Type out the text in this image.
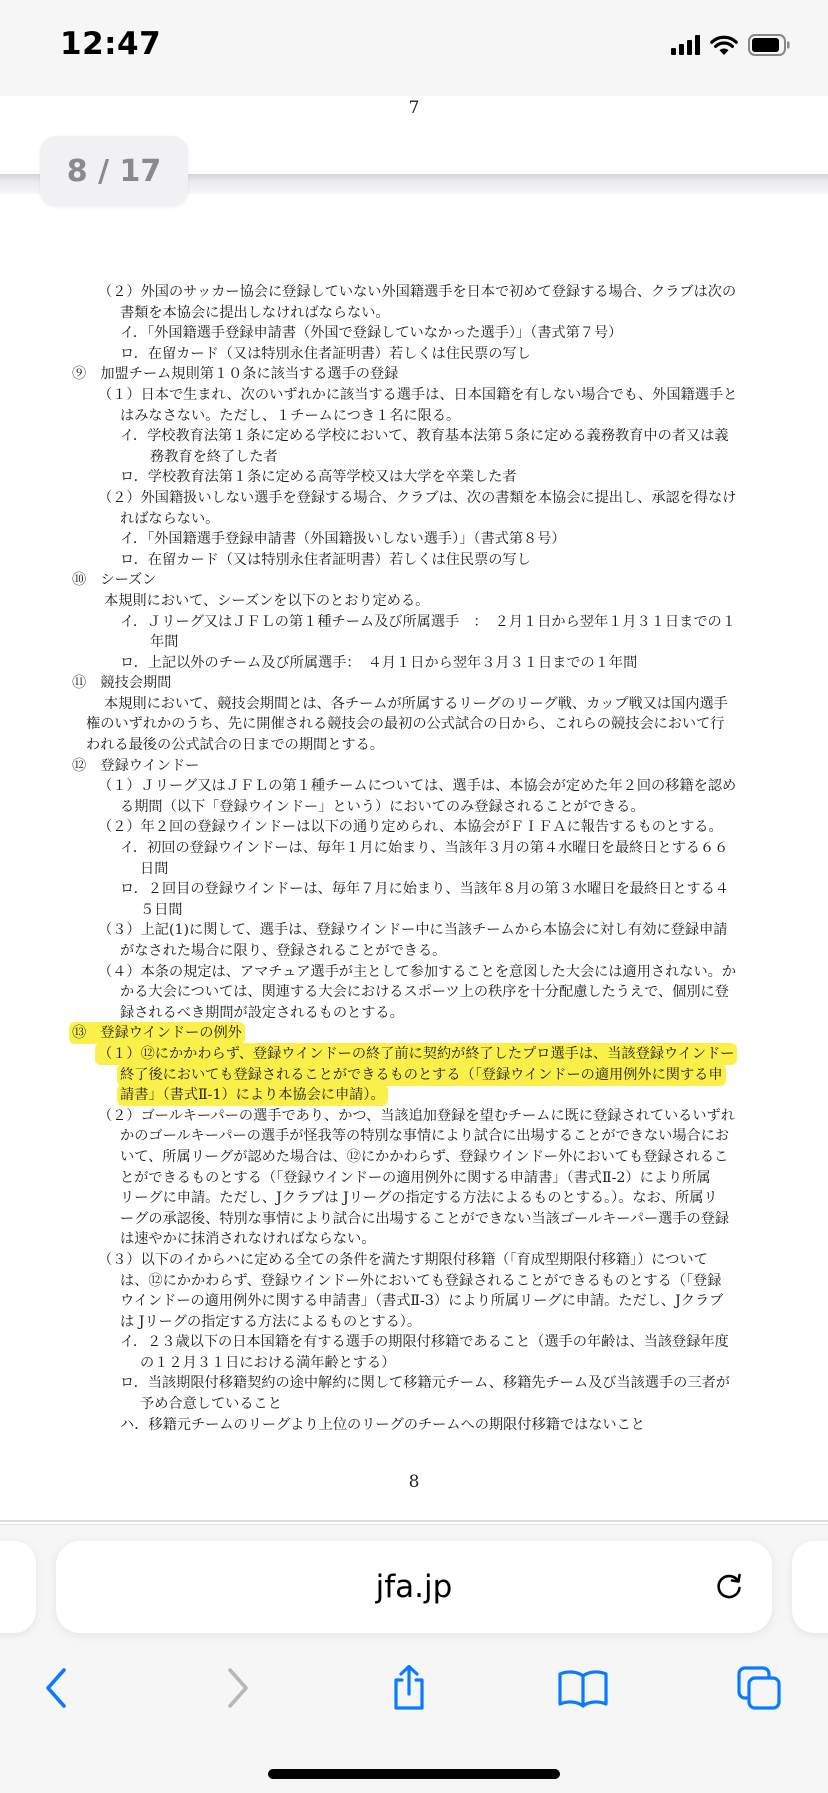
12:47
7
8 / 17
（２）外国のサッカー協会に登録していない外国籍選手を日本で初めて登録する場合、クラブは次の
書類を本協会に提出しなければならない。
イ．「外国籍選手登録申請書（外国で登録していなかった選手）」（書式第７号）
ロ．在留カード（又は特別永住者証明書）若しくは住民票の写し
⑨　加盟チーム規則第１０条に該当する選手の登録
（１）日本で生まれ、次のいずれかに該当する選手は、日本国籍を有しない場合でも、外国籍選手と
はみなさない。ただし、１チームにつき１名に限る。
イ．学校教育法第１条に定める学校において、教育基本法第５条に定める義務教育中の者又は義
務教育を終了した者
ロ．学校教育法第１条に定める高等学校又は大学を卒業した者
（２）外国籍扱いしない選手を登録する場合、クラブは、次の書類を本協会に提出し、承認を得なけ
ればならない。
イ．「外国籍選手登録申請書（外国籍扱いしない選手）」（書式第８号）
ロ．在留カード（又は特別永住者証明書）若しくは住民票の写し
⑩　シーズン
本規則において、シーズンを以下のとおり定める。
イ．Ｊリーグ又はＪＦＬの第１種チーム及び所属選手　：　２月１日から翌年１月３１日までの１
年間
ロ．上記以外のチーム及び所属選手：　４月１日から翌年３月３１日までの１年間
⑪　競技会期間
本規則において、競技会期間とは、各チームが所属するリーグのリーグ戦、カップ戦又は国内選手
権のいずれかのうち、先に開催される競技会の最初の公式試合の日から、これらの競技会において行
われる最後の公式試合の日までの期間とする。
⑫　登録ウインドー
（１）Ｊリーグ又はＪＦＬの第１種チームについては、選手は、本協会が定めた年２回の移籍を認め
る期間（以下「登録ウインドー」という）においてのみ登録されることができる。
（２）年２回の登録ウインドーは以下の通り定められ、本協会がＦＩＦＡに報告するものとする。
イ．初回の登録ウインドーは、毎年１月に始まり、当該年３月の第４水曜日を最終日とする６６
日間
ロ．２回目の登録ウインドーは、毎年７月に始まり、当該年８月の第３水曜日を最終日とする４
５日間
（３）上記(1)に関して、選手は、登録ウインドー中に当該チームから本協会に対し有効に登録申請
がなされた場合に限り、登録されることができる。
（４）本条の規定は、アマチュア選手が主として参加することを意図した大会には適用されない。か
かる大会については、関連する大会におけるスポーツ上の秩序を十分配慮したうえで、個別に登
録されるべき期間が設定されるものとする。
⑬　登録ウインドーの例外
（１）⑫にかかわらず、登録ウインドーの終了前に契約が終了したプロ選手は、当該登録ウインドー
終了後においても登録されることができるものとする（「登録ウインドーの適用例外に関する申
請書」（書式Ⅱ-1）により本協会に申請）。
（２）ゴールキーパーの選手であり、かつ、当該追加登録を望むチームに既に登録されているいずれ
かのゴールキーパーの選手が怪我等の特別な事情により試合に出場することができない場合にお
いて、所属リーグが認めた場合は、⑫にかかわらず、登録ウインドー外においても登録されるこ
とができるものとする（「登録ウインドーの適用例外に関する申請書」（書式Ⅱ-2）により所属
リーグに申請。ただし、Jクラブは Jリーグの指定する方法によるものとする。）。なお、所属リ
ーグの承認後、特別な事情により試合に出場することができない当該ゴールキーパー選手の登録
は速やかに抹消されなければならない。
（３）以下のイからハに定める全ての条件を満たす期限付移籍（「育成型期限付移籍」）について
は、⑫にかかわらず、登録ウインドー外においても登録されることができるものとする（「登録
ウインドーの適用例外に関する申請書」（書式Ⅱ-3）により所属リーグに申請。ただし、Jクラブ
は Jリーグの指定する方法によるものとする）。
イ．２３歳以下の日本国籍を有する選手の期限付移籍であること（選手の年齢は、当該登録年度
の１２月３１日における満年齢とする）
ロ．当該期限付移籍契約の途中解約に関して移籍元チーム、移籍先チーム及び当該選手の三者が
予め合意していること
ハ．移籍元チームのリーグより上位のリーグのチームへの期限付移籍ではないこと
8
jfa.jp
